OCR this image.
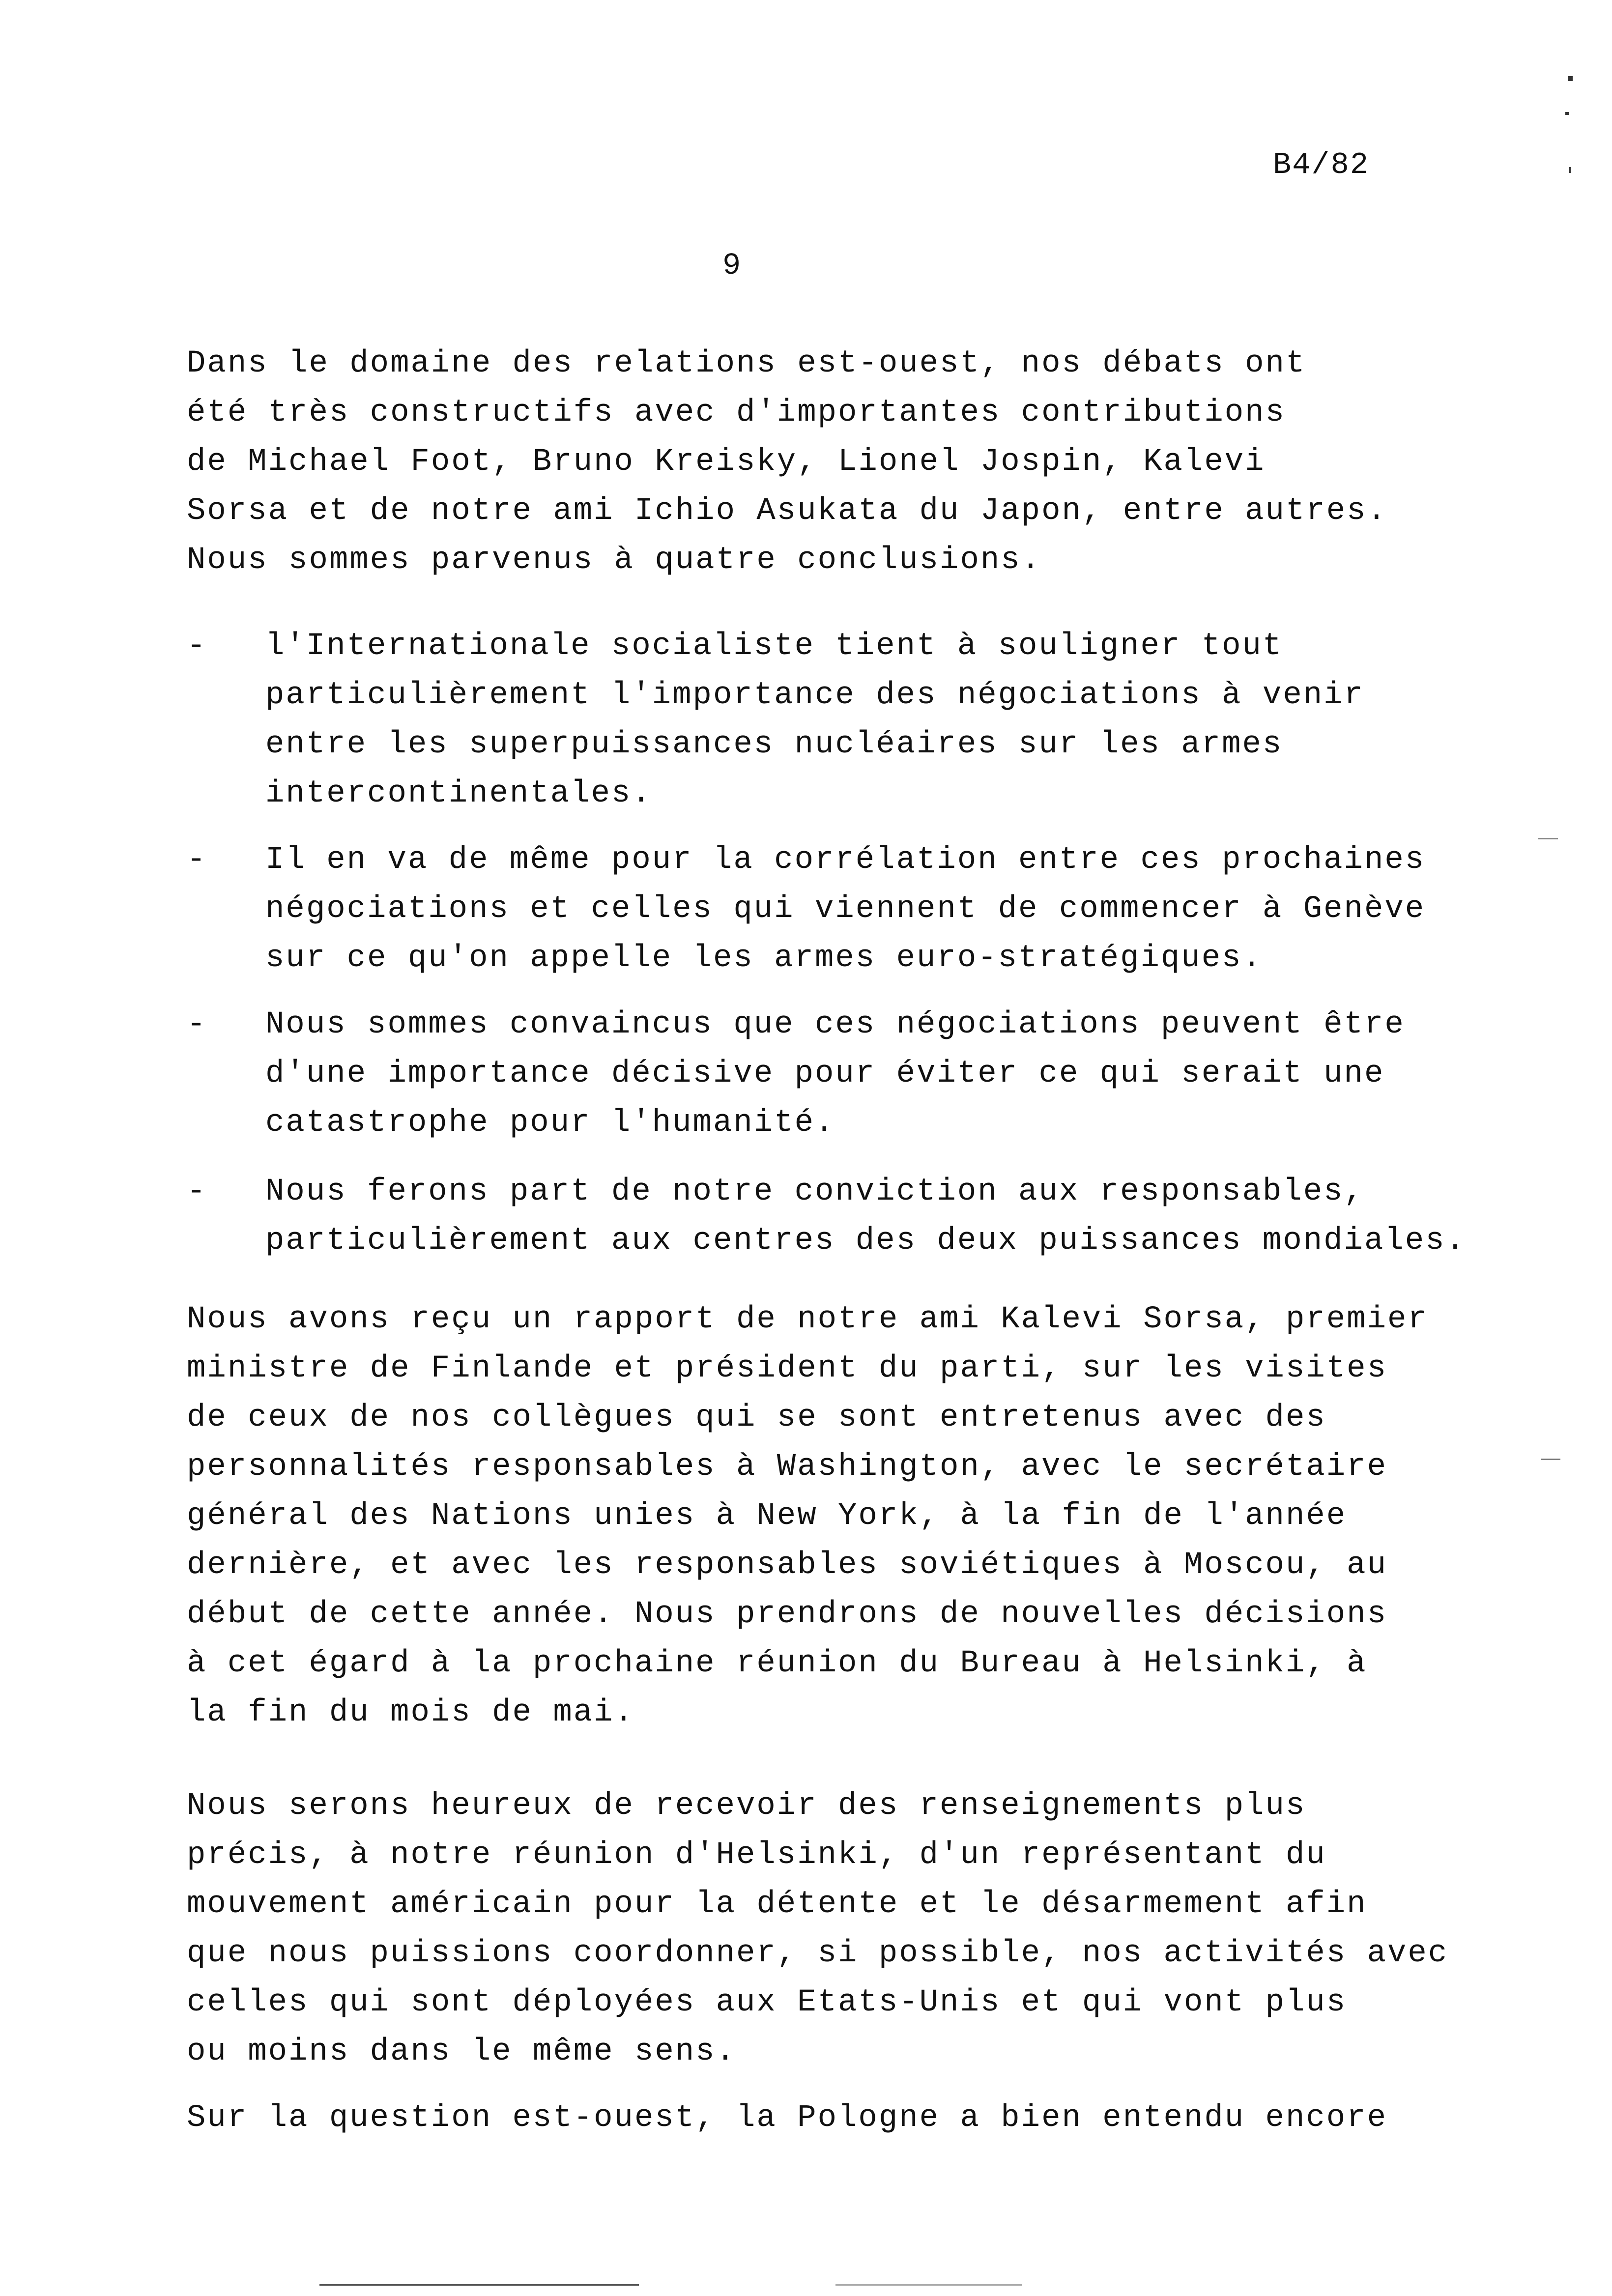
B4/82
9
Dans le domaine des relations est-ouest, nos débats ont
été très constructifs avec d'importantes contributions
de Michael Foot, Bruno Kreisky, Lionel Jospin, Kalevi
Sorsa et de notre ami Ichio Asukata du Japon, entre autres.
Nous sommes parvenus à quatre conclusions.
- l'Internationale socialiste tient à souligner tout
particulièrement l'importance des négociations à venir
entre les superpuissances nucléaires sur les armes
intercontinentales.
- Il en va de même pour la corrélation entre ces prochaines
négociations et celles qui viennent de commencer à Genève
sur ce qu'on appelle les armes euro-stratégiques.
- Nous sommes convaincus que ces négociations peuvent être
d'une importance décisive pour éviter ce qui serait une
catastrophe pour l'humanité.
- Nous ferons part de notre conviction aux responsables,
particulièrement aux centres des deux puissances mondiales.
Nous avons reçu un rapport de notre ami Kalevi Sorsa, premier
ministre de Finlande et président du parti, sur les visites
de ceux de nos collègues qui se sont entretenus avec des
personnalités responsables à Washington, avec le secrétaire
général des Nations unies à New York, à la fin de l'année
dernière, et avec les responsables soviétiques à Moscou, au
début de cette année. Nous prendrons de nouvelles décisions
à cet égard à la prochaine réunion du Bureau à Helsinki, à
la fin du mois de mai.
Nous serons heureux de recevoir des renseignements plus
précis, à notre réunion d'Helsinki, d'un représentant du
mouvement américain pour la détente et le désarmement afin
que nous puissions coordonner, si possible, nos activités avec
celles qui sont déployées aux Etats-Unis et qui vont plus
ou moins dans le même sens.
Sur la question est-ouest, la Pologne a bien entendu encore
